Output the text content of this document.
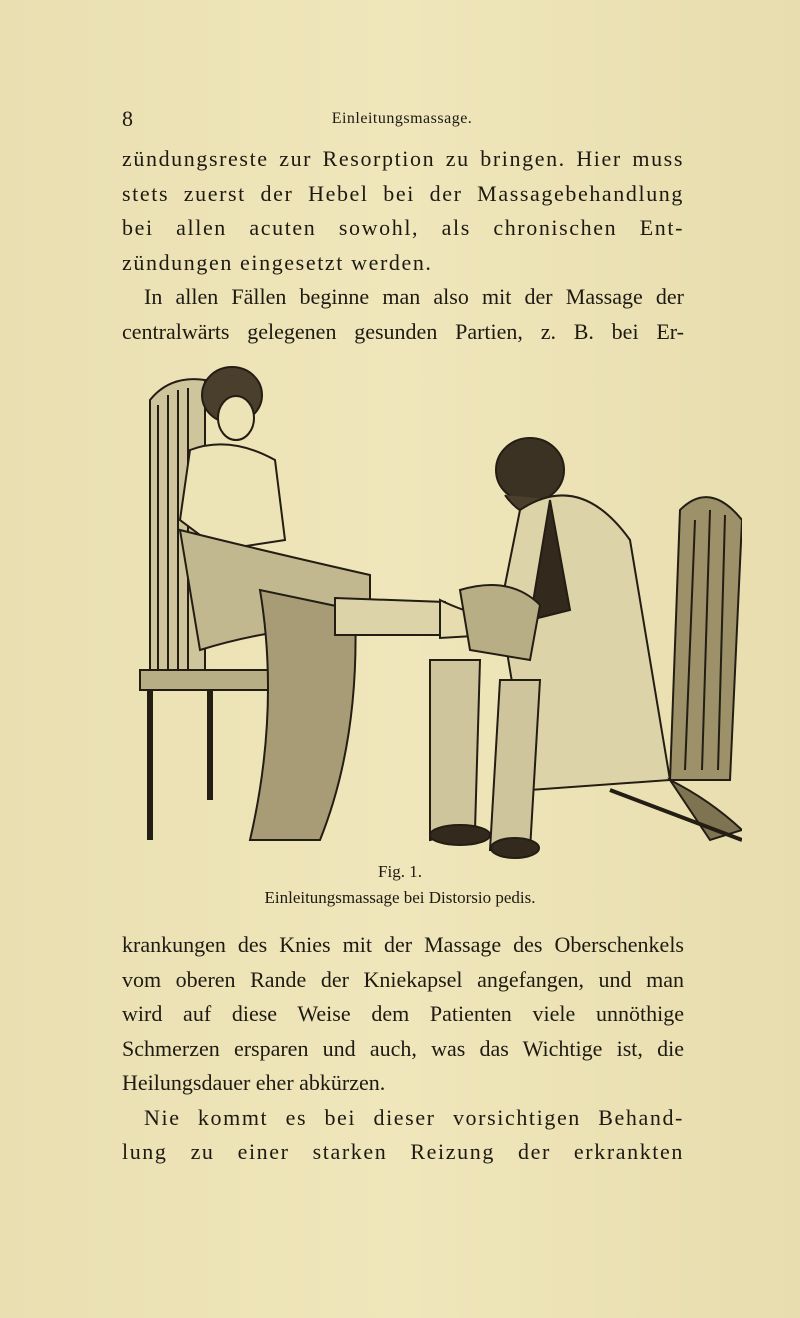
8	Einleitungsmassage.
zündungsreste zur Resorption zu bringen. Hier muss
stets zuerst der Hebel bei der Massagebehandlung
bei allen acuten sowohl, als chronischen Ent-
zündungen eingesetzt werden.
In allen Fällen beginne man also mit der Massage der
centralwärts gelegenen gesunden Partien, z. B. bei Er-
Fig. 1.
Einleitungsmassage bei Distorsio pedis.
krankungen des Knies mit der Massage des Oberschenkels
vom oberen Rande der Kniekapsel angefangen, und man
wird auf diese Weise dem Patienten viele unnöthige
Schmerzen ersparen und auch, was das Wichtige ist, die
Heilungsdauer eher abkürzen.
Nie kommt es bei dieser vorsichtigen Behand-
lung zu einer starken Reizung der erkrankten
